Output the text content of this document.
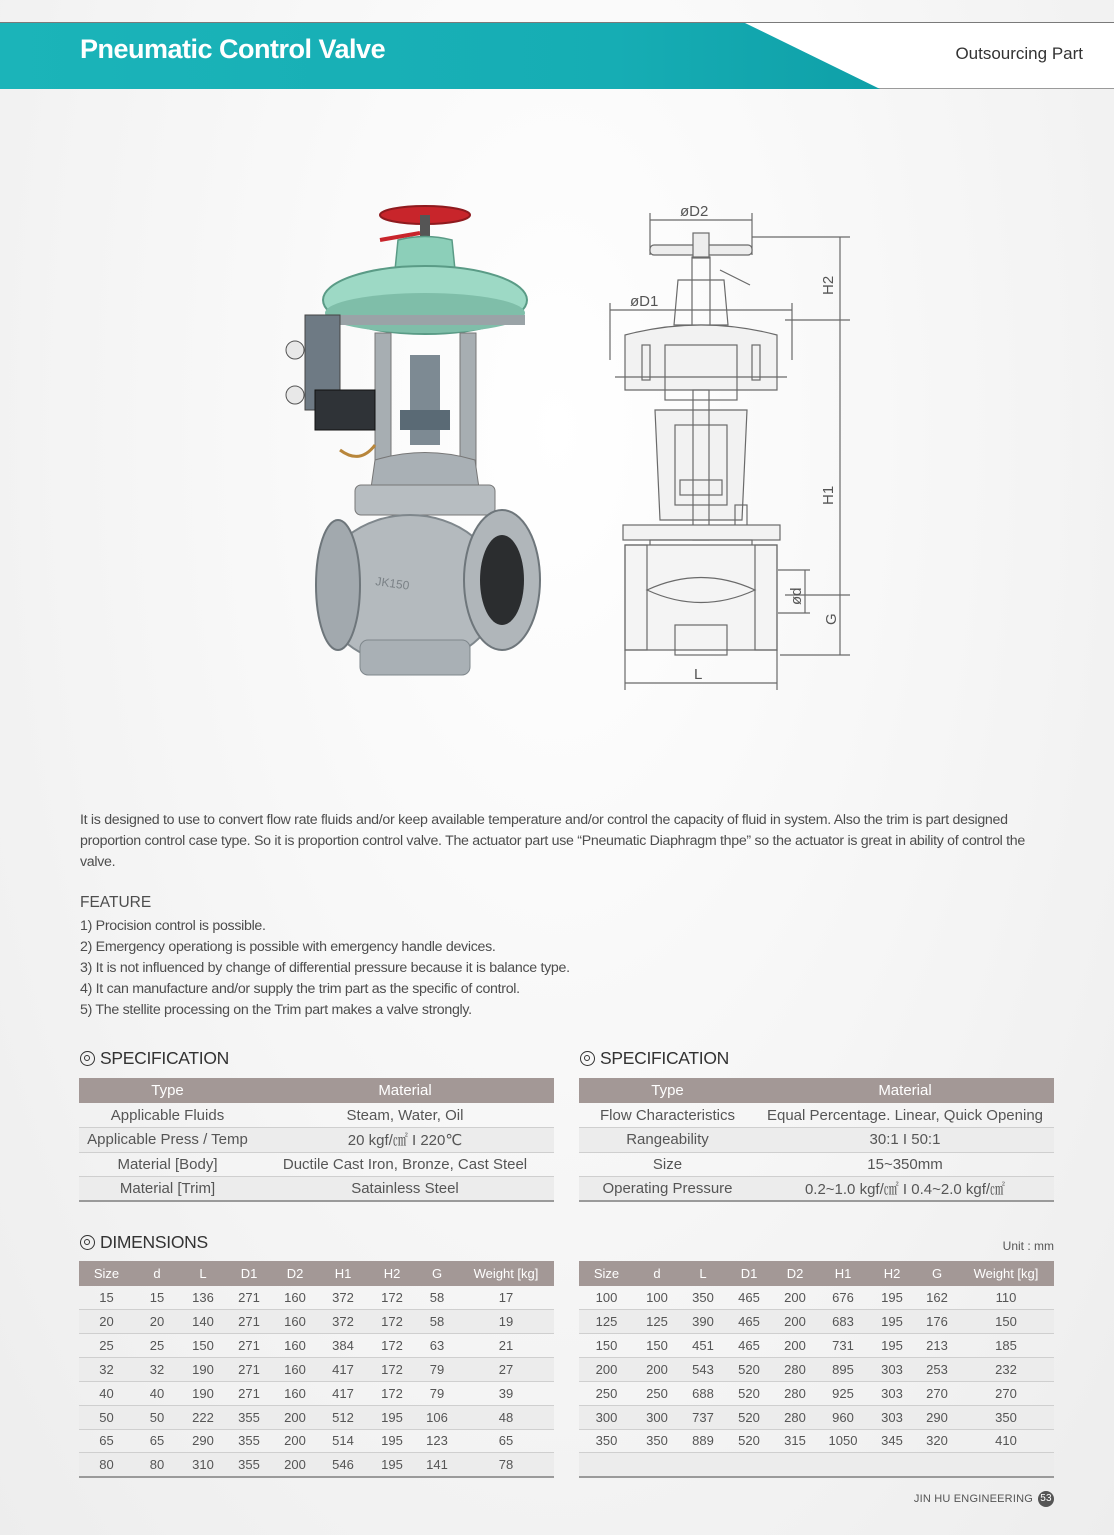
Pneumatic Control Valve	Outsourcing Part
JK150
øD2
øD1
H2
H1
ød
G
L

It is designed to use to convert flow rate fluids and/or keep available temperature and/or control the capacity of fluid in system. Also the trim is part designed proportion control case type. So it is proportion control valve. The actuator part use “Pneumatic Diaphragm thpe” so the actuator is great in ability of control the valve.

FEATURE
1) Procision control is possible.
2) Emergency operationg is possible with emergency handle devices.
3) It is not influenced by change of differential pressure because it is balance type.
4) It can manufacture and/or supply the trim part as the specific of control.
5) The stellite processing on the Trim part makes a valve strongly.
SPECIFICATION
Type	Material
Applicable Fluids	Steam, Water, Oil
Applicable Press / Temp	20 kgf/㎠ I 220℃
Material [Body]	Ductile Cast Iron, Bronze, Cast Steel
Material [Trim]	Satainless Steel
SPECIFICATION
Type	Material
Flow Characteristics	Equal Percentage. Linear, Quick Opening
Rangeability	30:1 I 50:1
Size	15~350mm
Operating Pressure	0.2~1.0 kgf/㎠ I 0.4~2.0 kgf/㎠
DIMENSIONS	Unit : mm
Size	d	L	D1	D2	H1	H2	G	Weight [kg]
15	15	136	271	160	372	172	58	17
20	20	140	271	160	372	172	58	19
25	25	150	271	160	384	172	63	21
32	32	190	271	160	417	172	79	27
40	40	190	271	160	417	172	79	39
50	50	222	355	200	512	195	106	48
65	65	290	355	200	514	195	123	65
80	80	310	355	200	546	195	141	78
Size	d	L	D1	D2	H1	H2	G	Weight [kg]
100	100	350	465	200	676	195	162	110
125	125	390	465	200	683	195	176	150
150	150	451	465	200	731	195	213	185
200	200	543	520	280	895	303	253	232
250	250	688	520	280	925	303	270	270
300	300	737	520	280	960	303	290	350
350	350	889	520	315	1050	345	320	410

JIN HU ENGINEERING 53
